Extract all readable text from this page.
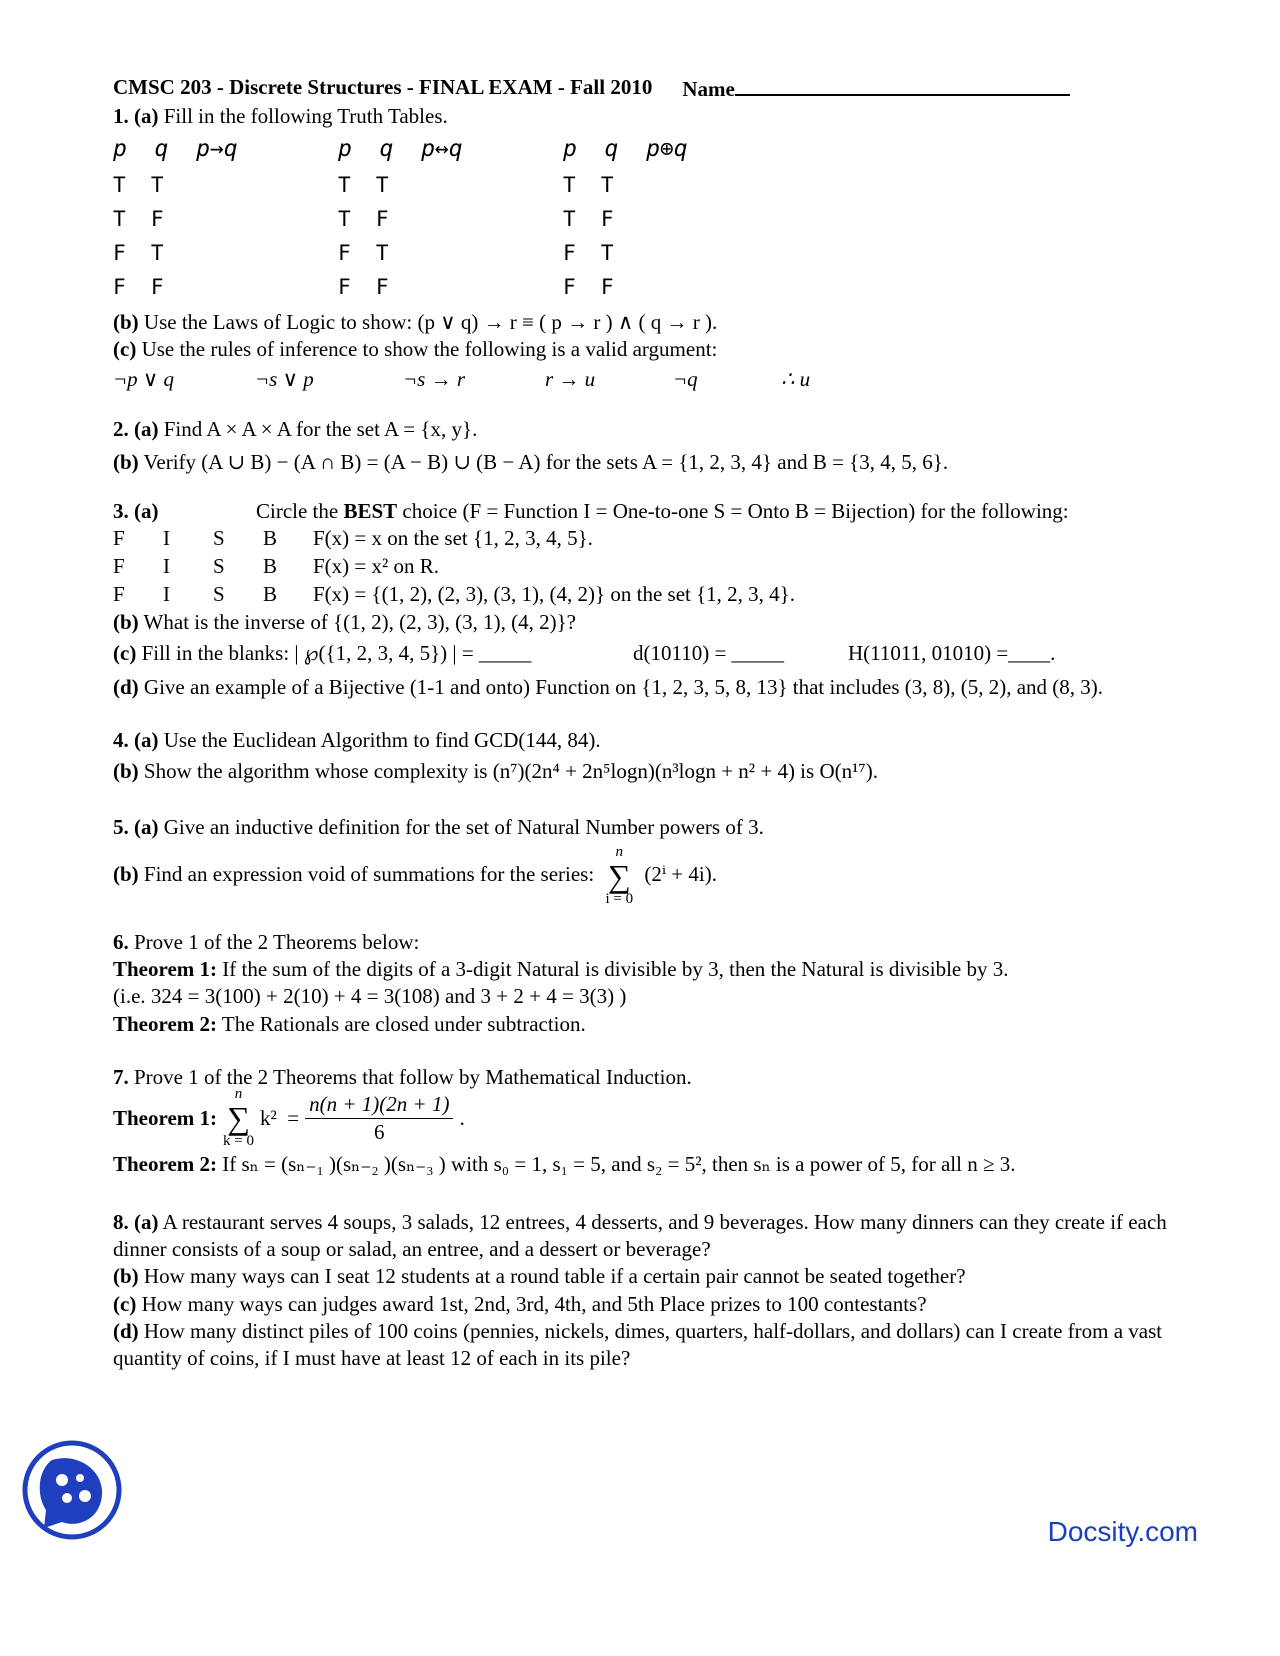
CMSC 203 - Discrete Structures - FINAL EXAM - Fall 2010 Name

1. (a) Fill in the following Truth Tables.

p  q  p→q	p  q  p↔q	p  q  p⊕q
T  T	T  T	T  T
T  F	T  F	T  F
F  T	F  T	F  T
F  F	F  F	F  F

(b) Use the Laws of Logic to show: (p ∨ q) → r ≡ ( p → r ) ∧ ( q → r ).

(c) Use the rules of inference to show the following is a valid argument:

¬p ∨ q	¬s ∨ p	¬s → r	r → u	¬q	∴ u

2. (a) Find A × A × A for the set A = {x, y}.

(b) Verify (A ∪ B) − (A ∩ B) = (A − B) ∪ (B − A) for the sets A = {1, 2, 3, 4} and B = {3, 4, 5, 6}.

3. (a)	Circle the BEST choice (F = Function I = One-to-one S = Onto B = Bijection) for the following:
F	I	S	B	F(x) = x on the set {1, 2, 3, 4, 5}.
F	I	S	B	F(x) = x² on R.
F	I	S	B	F(x) = {(1, 2), (2, 3), (3, 1), (4, 2)} on the set {1, 2, 3, 4}.

(b) What is the inverse of {(1, 2), (2, 3), (3, 1), (4, 2)}?

(c) Fill in the blanks: | ℘({1, 2, 3, 4, 5}) | = _____	d(10110) = _____	H(11011, 01010) =____.

(d) Give an example of a Bijective (1-1 and onto) Function on {1, 2, 3, 5, 8, 13} that includes (3, 8), (5, 2), and (8, 3).

4. (a) Use the Euclidean Algorithm to find GCD(144, 84).

(b) Show the algorithm whose complexity is (n⁷)(2n⁴ + 2n⁵logn)(n³logn + n² + 4) is O(n¹⁷).

5. (a) Give an inductive definition for the set of Natural Number powers of 3.

(b) Find an expression void of summations for the series:
n
∑
i = 0
(2ⁱ + 4i).

6. Prove 1 of the 2 Theorems below:

Theorem 1: If the sum of the digits of a 3-digit Natural is divisible by 3, then the Natural is divisible by 3.

(i.e. 324 = 3(100) + 2(10) + 4 = 3(108) and 3 + 2 + 4 = 3(3) )

Theorem 2: The Rationals are closed under subtraction.

7. Prove 1 of the 2 Theorems that follow by Mathematical Induction.

Theorem 1:
n
∑
k = 0
$k^2 = \frac{n(n + 1)(2n + 1)}{6}$ .

Theorem 2: If sₙ = (sₙ₋₁ )(sₙ₋₂ )(sₙ₋₃ ) with s₀ = 1, s₁ = 5, and s₂ = 5², then sₙ is a power of 5, for all n ≥ 3.

8. (a) A restaurant serves 4 soups, 3 salads, 12 entrees, 4 desserts, and 9 beverages. How many dinners can they create if each dinner consists of a soup or salad, an entree, and a dessert or beverage?

(b) How many ways can I seat 12 students at a round table if a certain pair cannot be seated together?

(c) How many ways can judges award 1st, 2nd, 3rd, 4th, and 5th Place prizes to 100 contestants?

(d) How many distinct piles of 100 coins (pennies, nickels, dimes, quarters, half-dollars, and dollars) can I create from a vast quantity of coins, if I must have at least 12 of each in its pile?

Docsity.com
